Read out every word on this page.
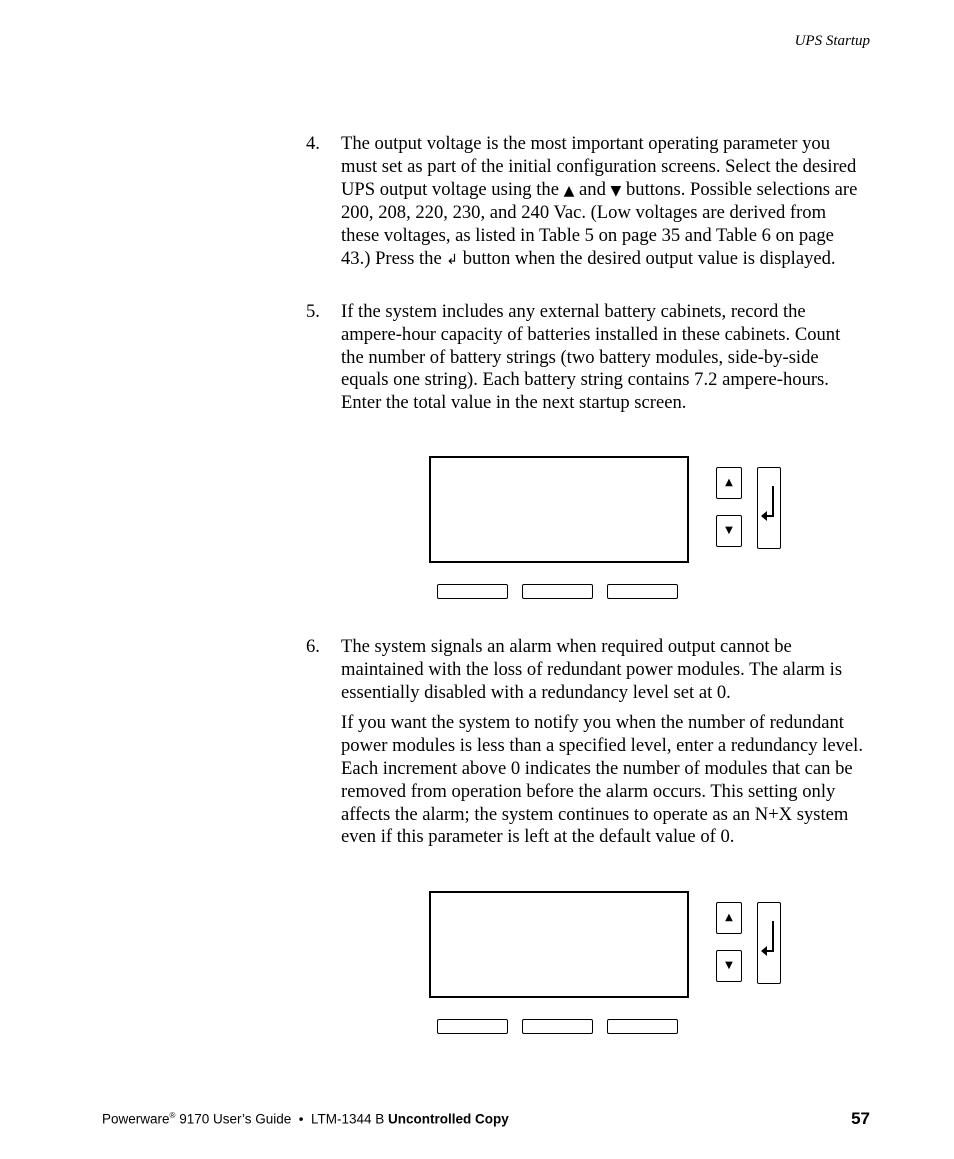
UPS Startup
4. The output voltage is the most important operating parameter you must set as part of the initial configuration screens. Select the desired UPS output voltage using the ▲ and ▼ buttons. Possible selections are 200, 208, 220, 230, and 240 Vac. (Low voltages are derived from these voltages, as listed in Table 5 on page 35 and Table 6 on page 43.) Press the ↲ button when the desired output value is displayed.

5. If the system includes any external battery cabinets, record the ampere-hour capacity of batteries installed in these cabinets. Count the number of battery strings (two battery modules, side-by-side equals one string). Each battery string contains 7.2 ampere-hours. Enter the total value in the next startup screen.

▲
▼
6. The system signals an alarm when required output cannot be maintained with the loss of redundant power modules. The alarm is essentially disabled with a redundancy level set at 0.

If you want the system to notify you when the number of redundant power modules is less than a specified level, enter a redundancy level. Each increment above 0 indicates the number of modules that can be removed from operation before the alarm occurs. This setting only affects the alarm; the system continues to operate as an N+X system even if this parameter is left at the default value of 0.

▲
▼
Powerware® 9170 User’s Guide  •  LTM-1344 B Uncontrolled Copy	57
